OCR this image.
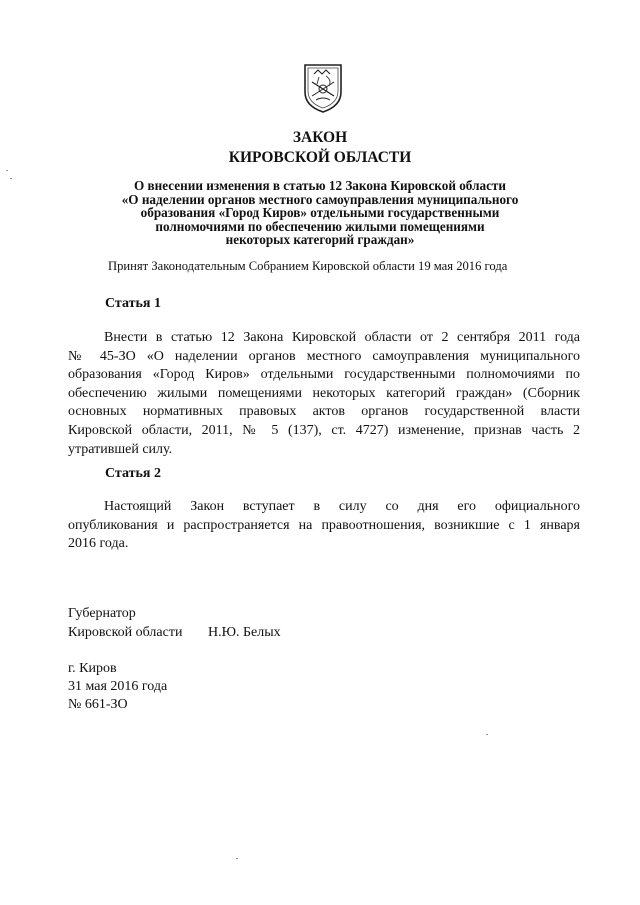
ЗАКОН
КИРОВСКОЙ ОБЛАСТИ
О внесении изменения в статью 12 Закона Кировской области
«О наделении органов местного самоуправления муниципального
образования «Город Киров» отдельными государственными
полномочиями по обеспечению жилыми помещениями
некоторых категорий граждан»
Принят Законодательным Собранием Кировской области 19 мая 2016 года
Статья 1
Внести в статью 12 Закона Кировской области от 2 сентября 2011 года
№ 45-ЗО «О наделении органов местного самоуправления муниципального
образования «Город Киров» отдельными государственными полномочиями по
обеспечению жилыми помещениями некоторых категорий граждан» (Сборник
основных нормативных правовых актов органов государственной власти
Кировской области, 2011, № 5 (137), ст. 4727) изменение, признав часть 2
утратившей силу.
Статья 2
Настоящий Закон вступает в силу со дня его официального
опубликования и распространяется на правоотношения, возникшие с 1 января
2016 года.
Губернатор
Кировской области Н.Ю. Белых
г. Киров
31 мая 2016 года
№ 661-ЗО
